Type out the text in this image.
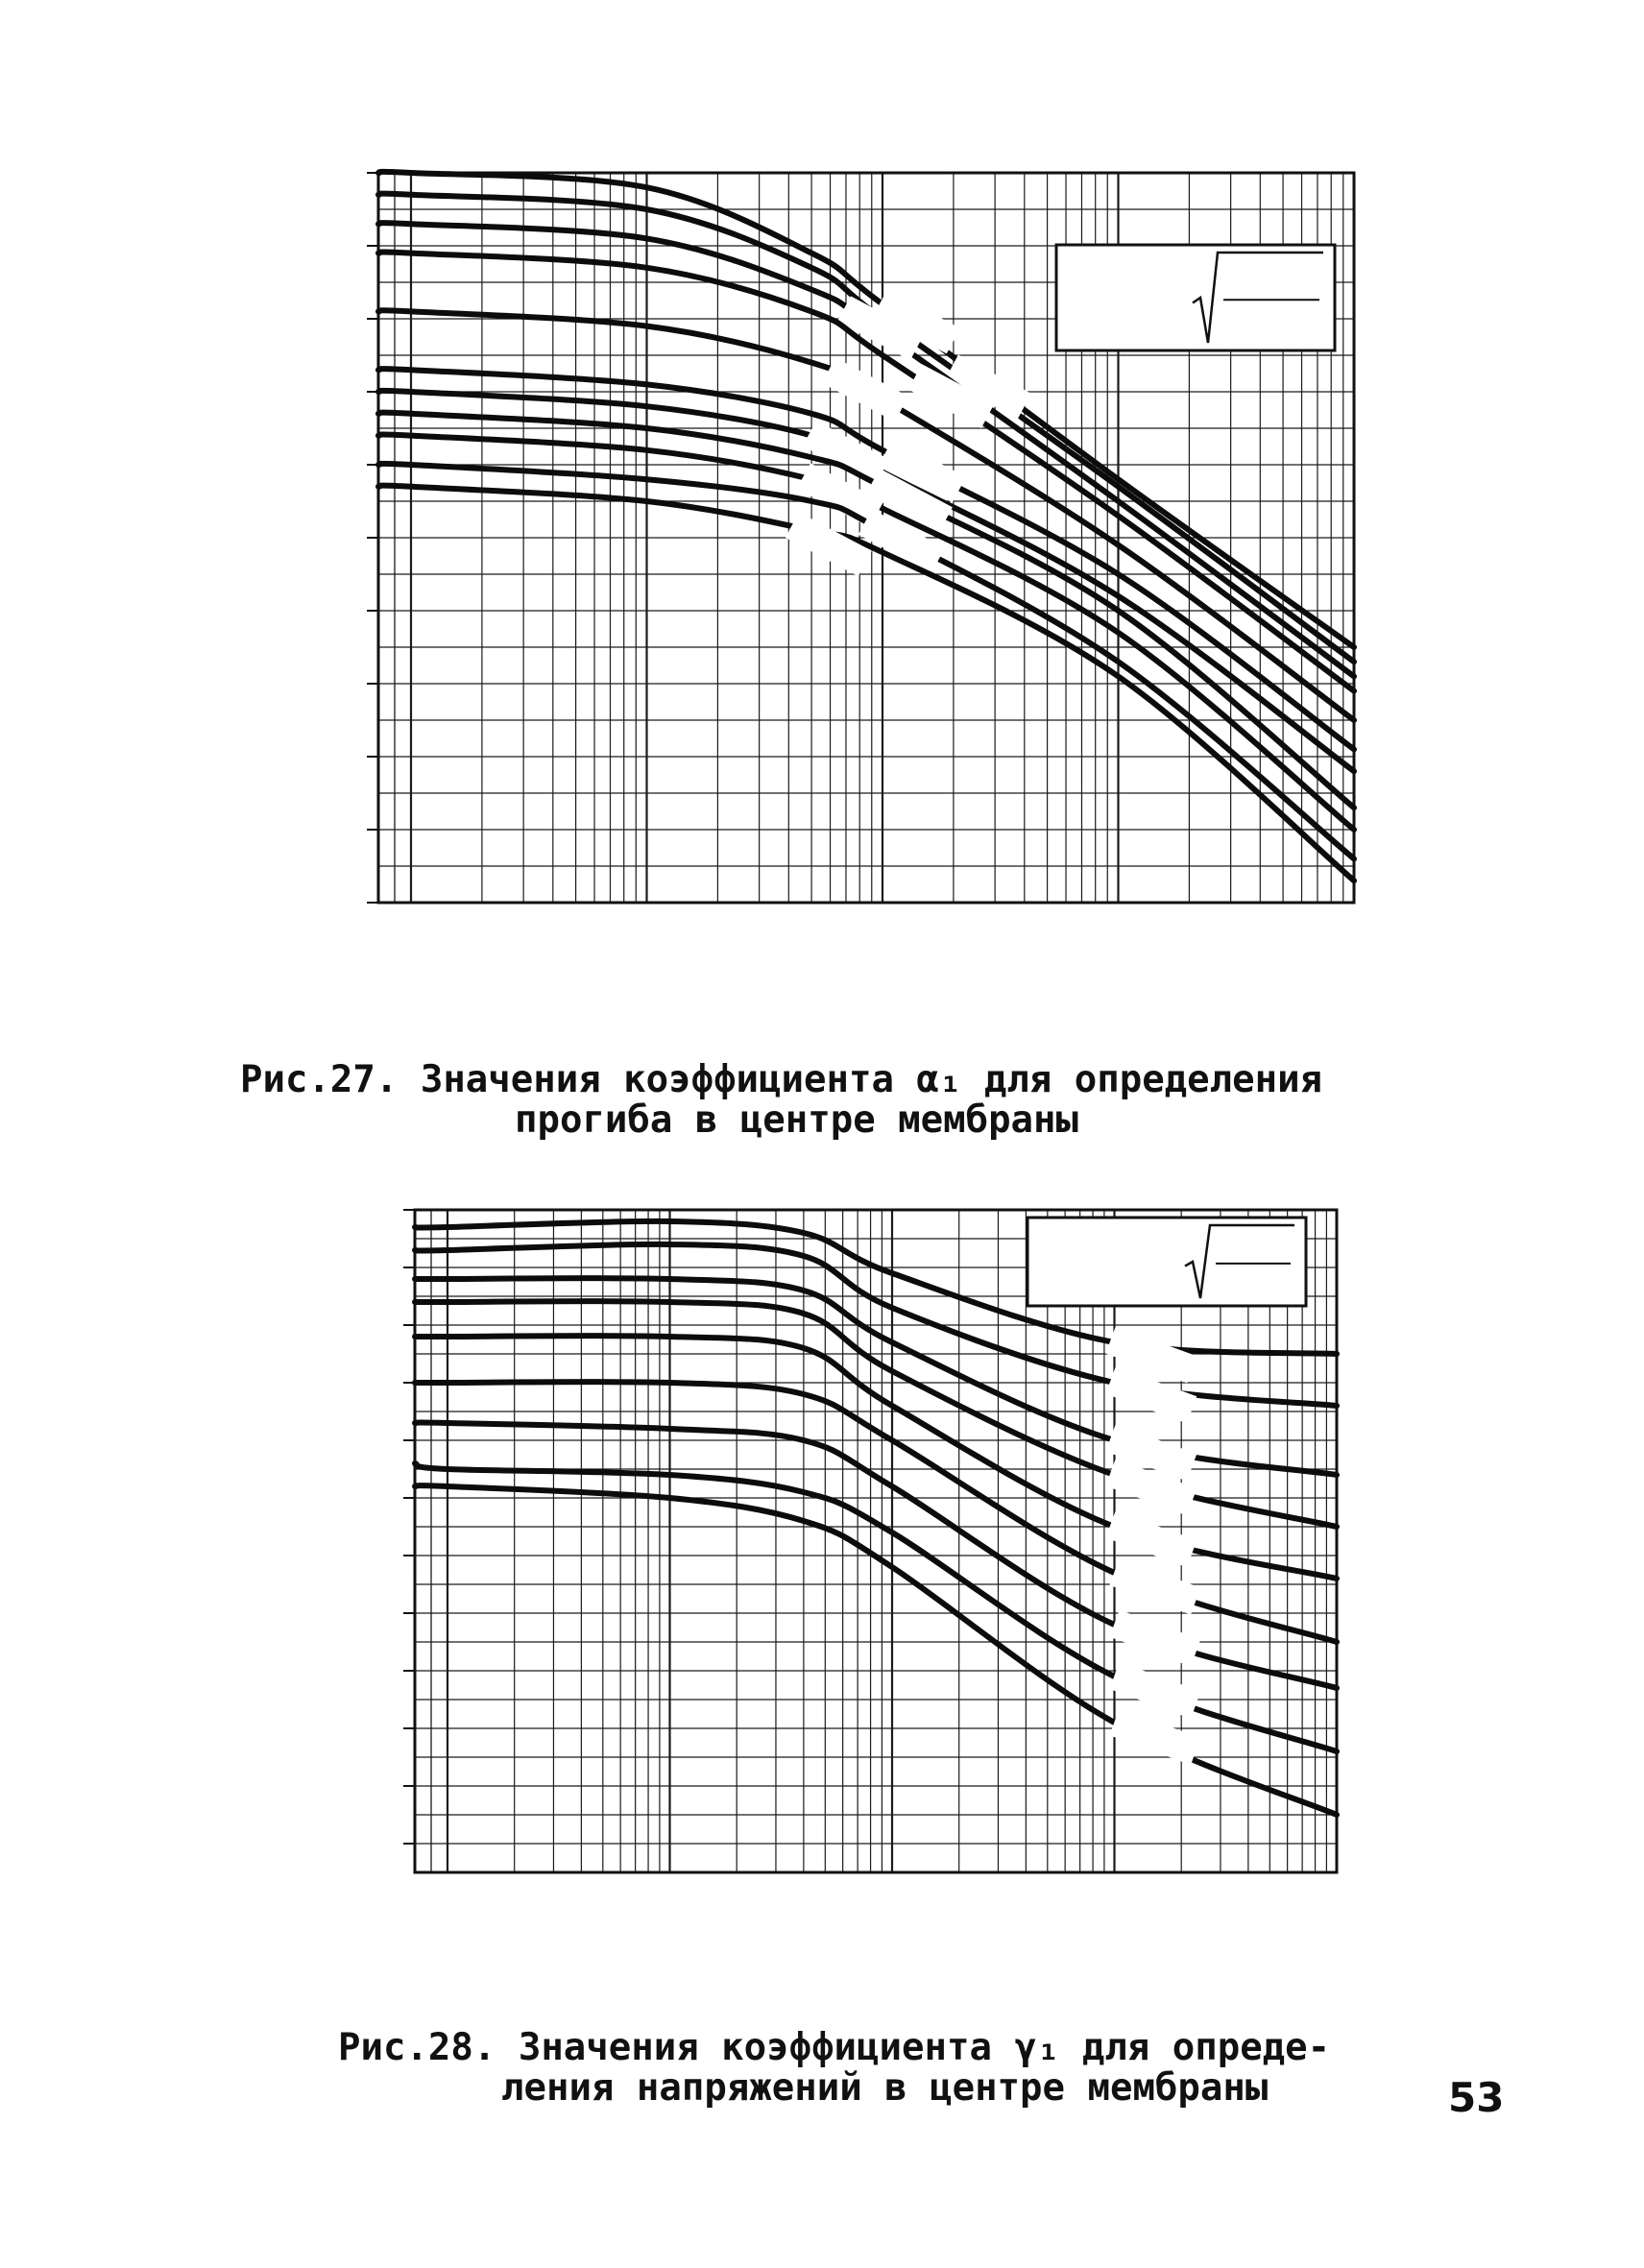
Рис.27. Значения коэффициента α₁ для определения
прогиба в центре мембраны
Рис.28. Значения коэффициента γ₁ для опреде-
ления напряжений в центре мембраны	53
